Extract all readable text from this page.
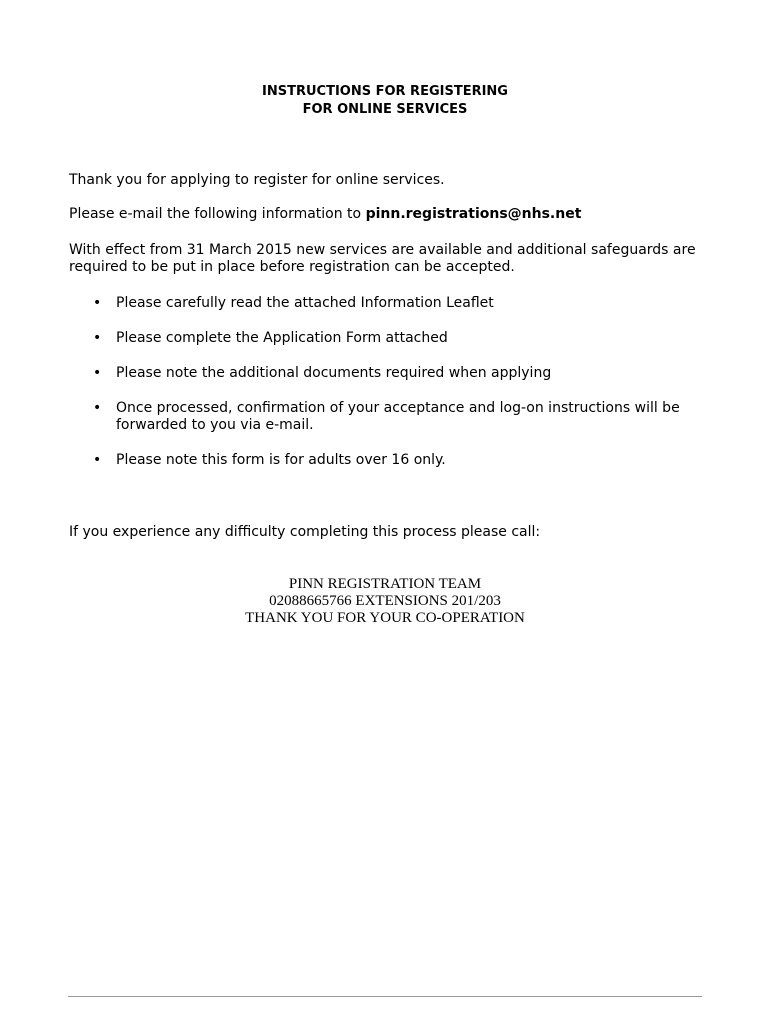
INSTRUCTIONS FOR REGISTERING
FOR ONLINE SERVICES
Thank you for applying to register for online services.
Please e-mail the following information to pinn.registrations@nhs.net
With effect from 31 March 2015 new services are available and additional safeguards are required to be put in place before registration can be accepted.
• Please carefully read the attached Information Leaflet
• Please complete the Application Form attached
• Please note the additional documents required when applying
• Once processed, confirmation of your acceptance and log-on instructions will be forwarded to you via e-mail.
• Please note this form is for adults over 16 only.
If you experience any difficulty completing this process please call:
PINN REGISTRATION TEAM
02088665766 EXTENSIONS 201/203
THANK YOU FOR YOUR CO-OPERATION
